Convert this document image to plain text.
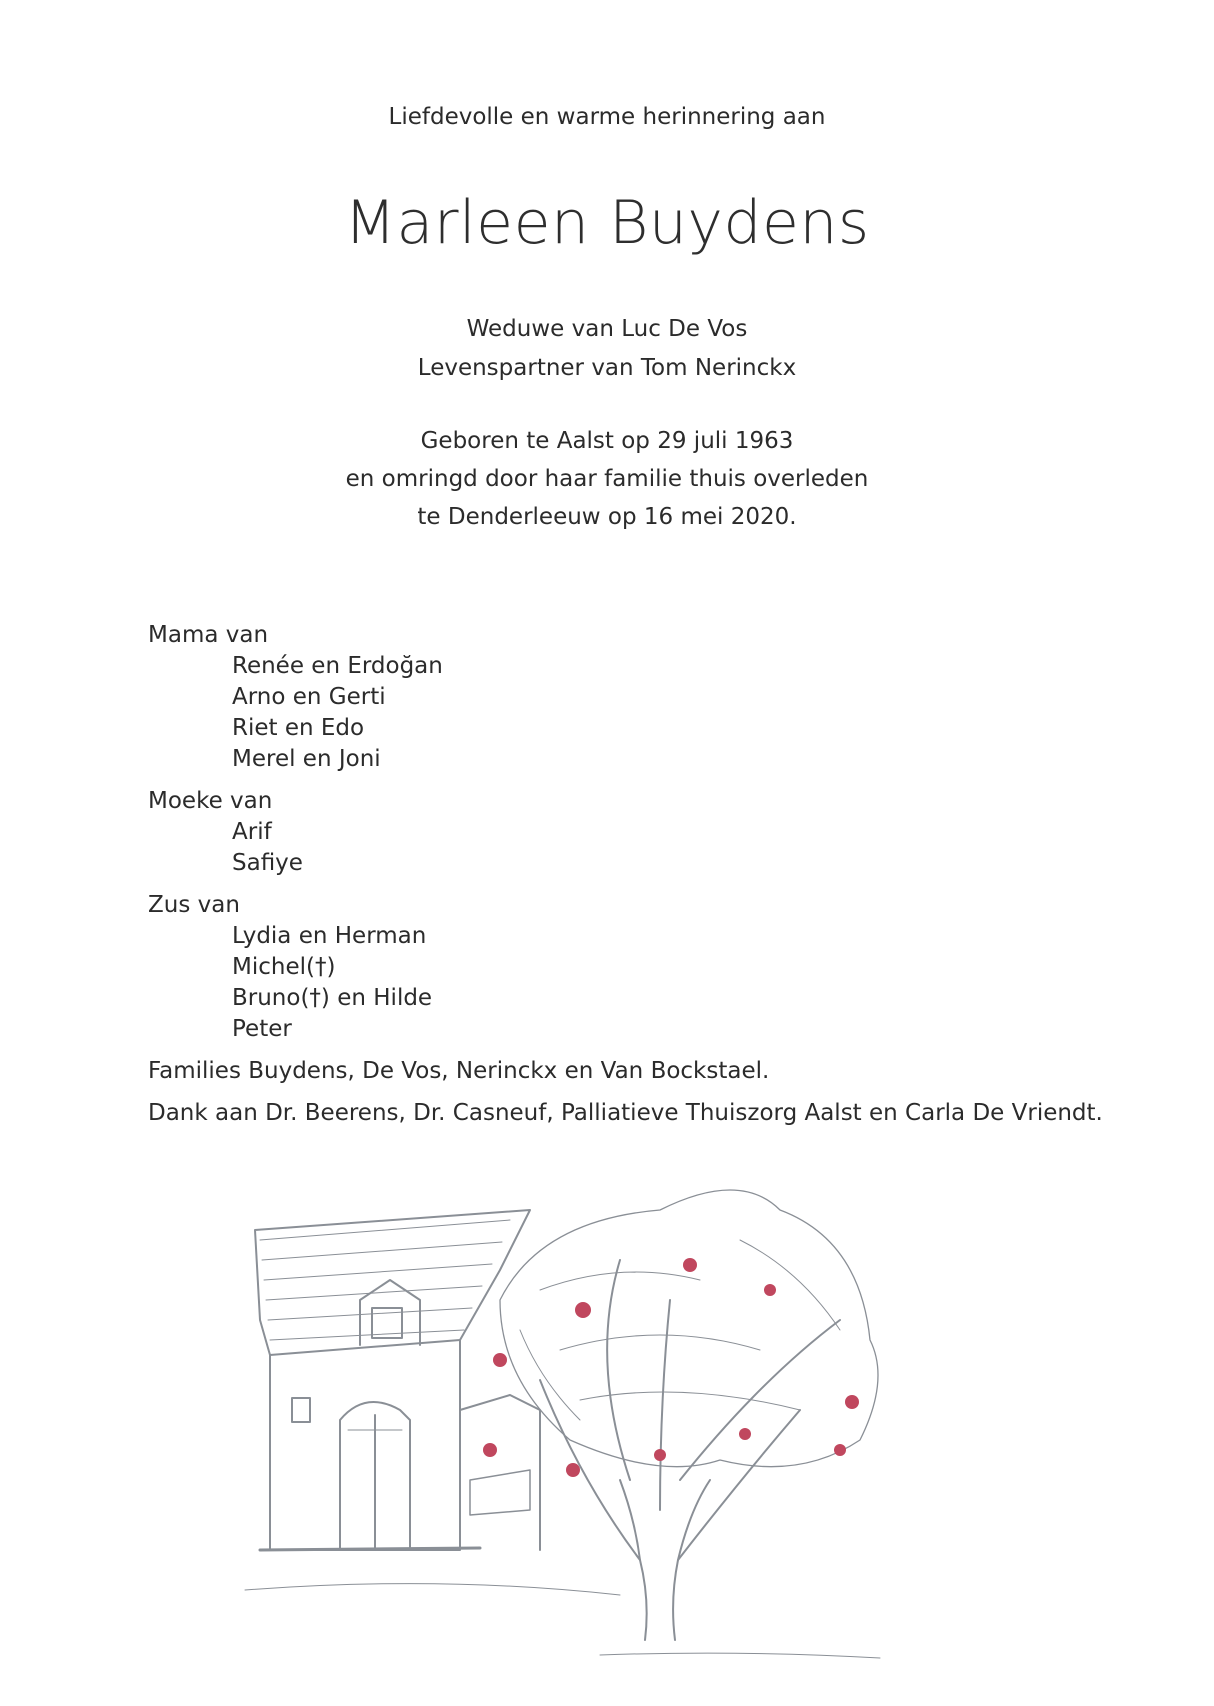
Liefdevolle en warme herinnering aan
Marleen Buydens
Weduwe van Luc De Vos
Levenspartner van Tom Nerinckx
Geboren te Aalst op 29 juli 1963
en omringd door haar familie thuis overleden
te Denderleeuw op 16 mei 2020.
Mama van
Renée en Erdoğan
Arno en Gerti
Riet en Edo
Merel en Joni
Moeke van
Arif
Safiye
Zus van
Lydia en Herman
Michel(†)
Bruno(†) en Hilde
Peter
Families Buydens, De Vos, Nerinckx en Van Bockstael.
Dank aan Dr. Beerens, Dr. Casneuf, Palliatieve Thuiszorg Aalst en Carla De Vriendt.
